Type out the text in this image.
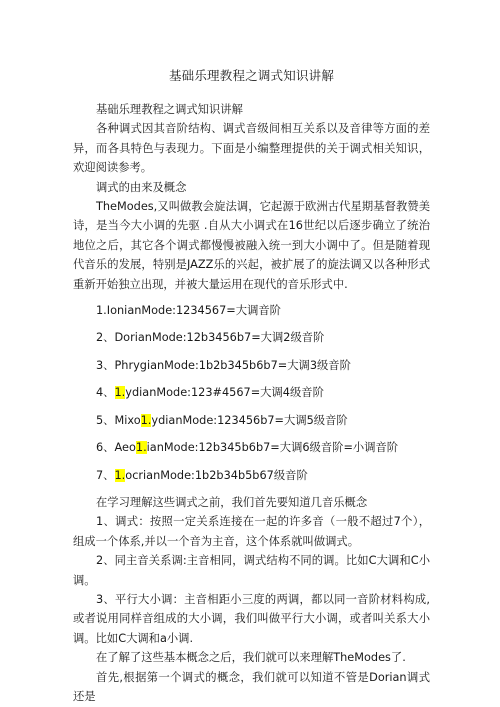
基础乐理教程之调式知识讲解

基础乐理教程之调式知识讲解

各种调式因其音阶结构、调式音级间相互关系以及音律等方面的差异，而各具特色与表现力。下面是小编整理提供的关于调式相关知识，欢迎阅读参考。

调式的由来及概念

TheModes,又叫做教会旋法调，它起源于欧洲古代星期基督教赞美诗，是当今大小调的先驱 .自从大小调式在16世纪以后逐步确立了统治地位之后，其它各个调式都慢慢被融入统一到大小调中了。但是随着现代音乐的发展，特别是JAZZ乐的兴起，被扩展了的旋法调又以各种形式重新开始独立出现，并被大量运用在现代的音乐形式中.

1.IonianMode:1234567=大调音阶

2、DorianMode:12b3456b7=大调2级音阶

3、PhrygianMode:1b2b345b6b7=大调3级音阶

4、1.ydianMode:123#4567=大调4级音阶

5、Mixo1.ydianMode:123456b7=大调5级音阶

6、Aeo1.ianMode:12b345b6b7=大调6级音阶=小调音阶

7、1.ocrianMode:1b2b34b5b67级音阶

在学习理解这些调式之前，我们首先要知道几音乐概念

1、调式：按照一定关系连接在一起的许多音（一般不超过7个），组成一个体系,并以一个音为主音，这个体系就叫做调式。

2、同主音关系调:主音相同，调式结构不同的调。比如C大调和C小调。

3、平行大小调：主音相距小三度的两调，都以同一音阶材料构成,或者说用同样音组成的大小调，我们叫做平行大小调，或者叫关系大小调。比如C大调和a小调.

在了解了这些基本概念之后，我们就可以来理解TheModes了.

首先,根据第一个调式的概念，我们就可以知道不管是Dorian调式还是
